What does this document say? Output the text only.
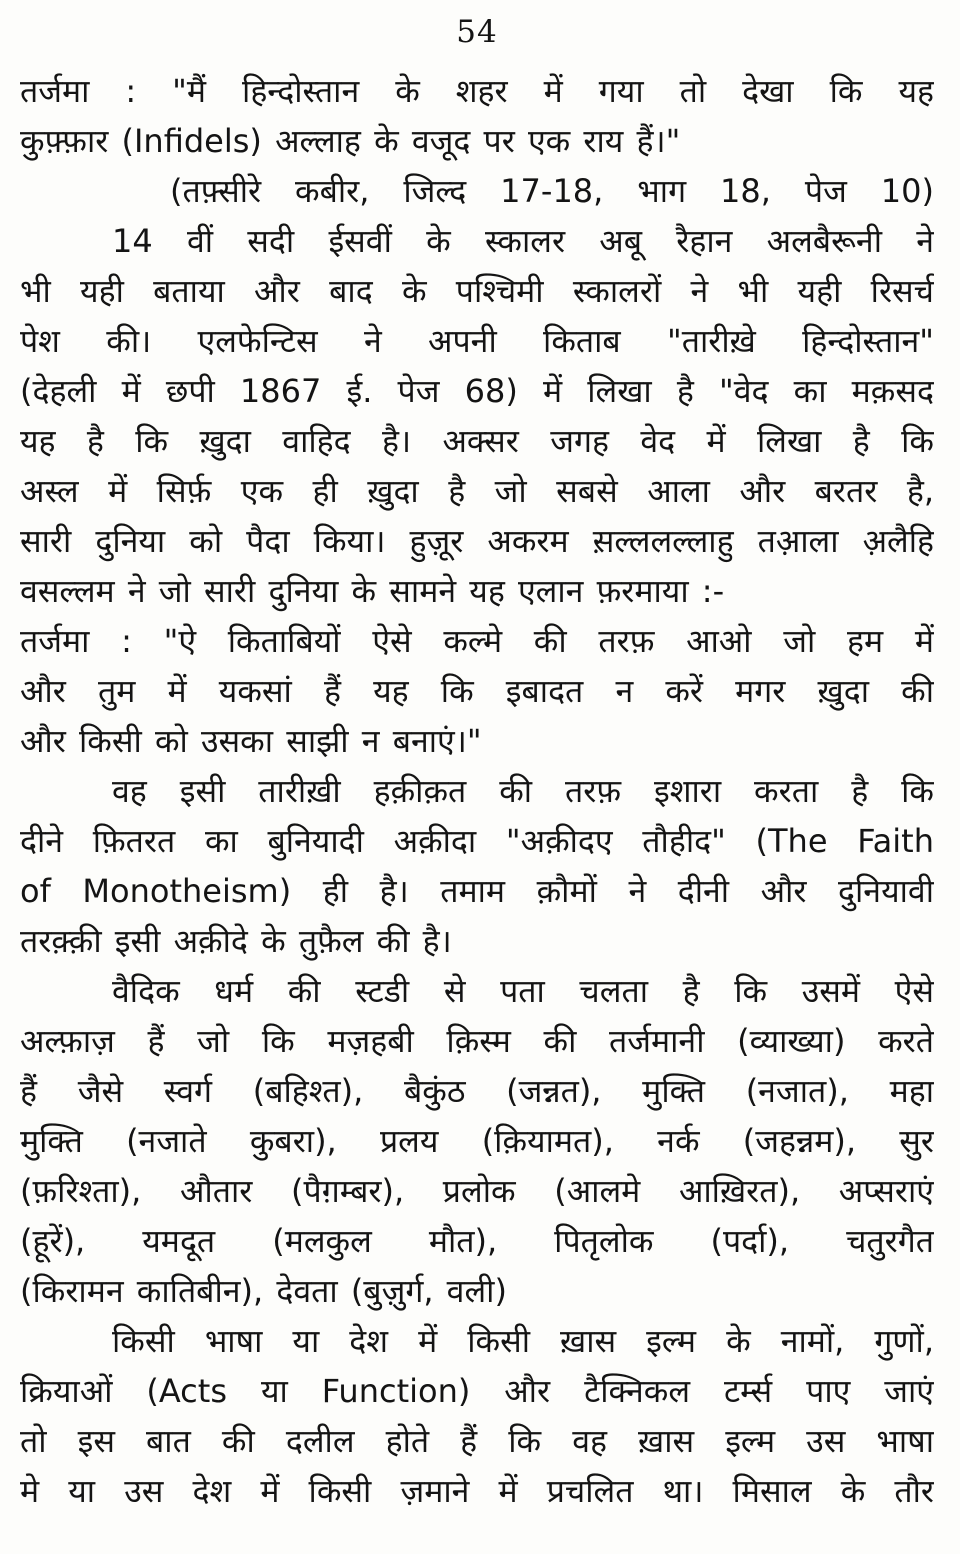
54
तर्जमा : "मैं हिन्दोस्तान के शहर में गया तो देखा कि यह
कुफ़्फ़ार (Infidels) अल्लाह के वजूद पर एक राय हैं।"
(तफ़्सीरे कबीर, जिल्द 17-18, भाग 18, पेज 10)
14 वीं सदी ईसवीं के स्कालर अबू रैहान अलबैरूनी ने
भी यही बताया और बाद के पश्चिमी स्कालरों ने भी यही रिसर्च
पेश की। एलफेन्टिस ने अपनी किताब "तारीख़े हिन्दोस्तान"
(देहली में छपी 1867 ई. पेज 68) में लिखा है "वेद का मक़सद
यह है कि ख़ुदा वाहिद है। अक्सर जगह वेद में लिखा है कि
अस्ल में सिर्फ़ एक ही ख़ुदा है जो सबसे आला और बरतर है,
सारी दुनिया को पैदा किया। हुज़ूर अकरम स़ल्ललल्लाहु तआ़ला अ़लैहि
वसल्लम ने जो सारी दुनिया के सामने यह एलान फ़रमाया :-
तर्जमा : "ऐ किताबियों ऐसे कल्मे की तरफ़ आओ जो हम में
और तुम में यकसां हैं यह कि इबादत न करें मगर ख़ुदा की
और किसी को उसका साझी न बनाएं।"
वह इसी तारीख़ी हक़ीक़त की तरफ़ इशारा करता है कि
दीने फ़ितरत का बुनियादी अक़ीदा "अक़ीदए तौहीद" (The Faith
of Monotheism) ही है। तमाम क़ौमों ने दीनी और दुनियावी
तरक़्क़ी इसी अक़ीदे के तुफ़ैल की है।
वैदिक धर्म की स्टडी से पता चलता है कि उसमें ऐसे
अल्फ़ाज़ हैं जो कि मज़हबी क़िस्म की तर्जमानी (व्याख्या) करते
हैं जैसे स्वर्ग (बहिश्त), बैकुंठ (जन्नत), मुक्ति (नजात), महा
मुक्ति (नजाते कुबरा), प्रलय (क़ियामत), नर्क (जहन्नम), सुर
(फ़रिश्ता), औतार (पैग़म्बर), प्रलोक (आलमे आख़िरत), अप्सराएं
(हूरें), यमदूत (मलकुल मौत), पितृलोक (पर्दा), चतुरगैत
(किरामन कातिबीन), देवता (बुज़ुर्ग, वली)
किसी भाषा या देश में किसी ख़ास इल्म के नामों, गुणों,
क्रियाओं (Acts या Function) और टैक्निकल टर्म्स पाए जाएं
तो इस बात की दलील होते हैं कि वह ख़ास इल्म उस भाषा
मे या उस देश में किसी ज़माने में प्रचलित था। मिसाल के तौर
